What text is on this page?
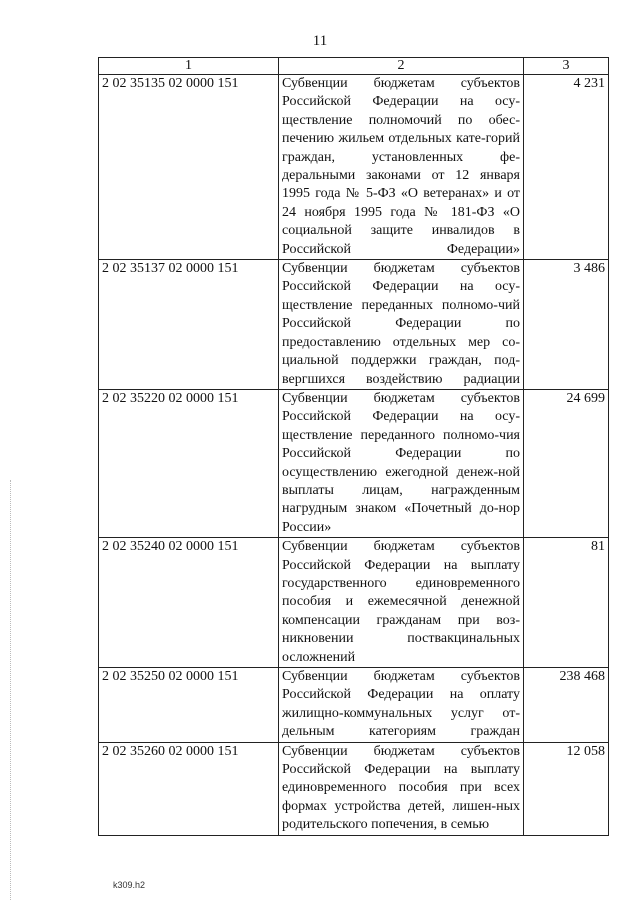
11
1	2	3
2 02 35135 02 0000 151	Субвенции бюджетам субъектов Российской Федерации на осу-ществление полномочий по обес-печению жильем отдельных кате-горий граждан, установленных фе-деральными законами от 12 января 1995 года № 5-ФЗ «О ветеранах» и от 24 ноября 1995 года № 181-ФЗ «О социальной защите инвалидов в Российской Федерации»	4 231
2 02 35137 02 0000 151	Субвенции бюджетам субъектов Российской Федерации на осу-ществление переданных полномо-чий Российской Федерации по предоставлению отдельных мер со-циальной поддержки граждан, под-вергшихся воздействию радиации	3 486
2 02 35220 02 0000 151	Субвенции бюджетам субъектов Российской Федерации на осу-ществление переданного полномо-чия Российской Федерации по осуществлению ежегодной денеж-ной выплаты лицам, награжденным нагрудным знаком «Почетный до-нор России»	24 699
2 02 35240 02 0000 151	Субвенции бюджетам субъектов Российской Федерации на выплату государственного единовременного пособия и ежемесячной денежной компенсации гражданам при воз-никновении поствакцинальных осложнений	81
2 02 35250 02 0000 151	Субвенции бюджетам субъектов Российской Федерации на оплату жилищно-коммунальных услуг от-дельным категориям граждан	238 468
2 02 35260 02 0000 151	Субвенции бюджетам субъектов Российской Федерации на выплату единовременного пособия при всех формах устройства детей, лишен-ных родительского попечения, в семью	12 058
k309.h2
